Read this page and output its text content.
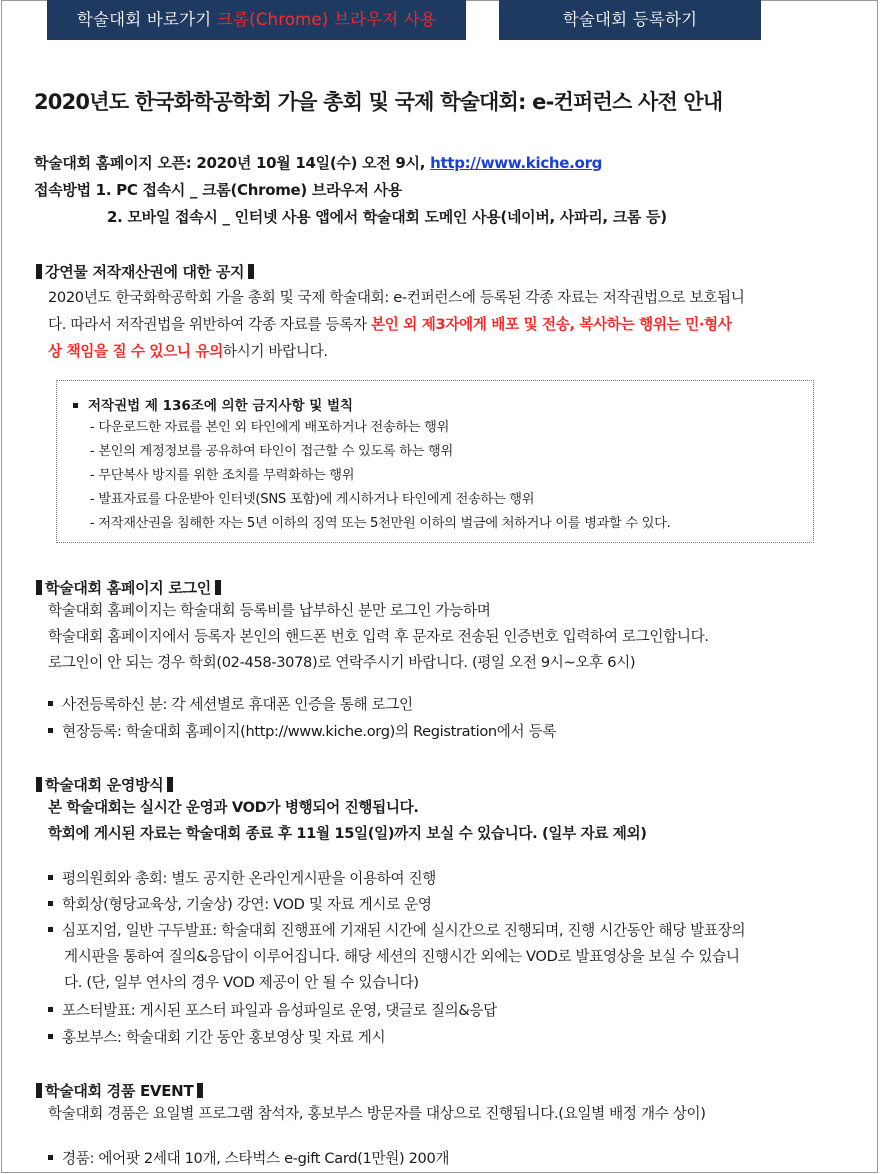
학술대회 바로가기 크롬(Chrome) 브라우저 사용	학술대회 등록하기
2020년도 한국화학공학회 가을 총회 및 국제 학술대회: e-컨퍼런스 사전 안내
학술대회 홈페이지 오픈: 2020년 10월 14일(수) 오전 9시, http://www.kiche.org
접속방법 1. PC 접속시 _ 크롬(Chrome) 브라우저 사용
2. 모바일 접속시 _ 인터넷 사용 앱에서 학술대회 도메인 사용(네이버, 사파리, 크롬 등)
강연물 저작재산권에 대한 공지
2020년도 한국화학공학회 가을 총회 및 국제 학술대회: e-컨퍼런스에 등록된 각종 자료는 저작권법으로 보호됩니
다. 따라서 저작권법을 위반하여 각종 자료를 등록자 본인 외 제3자에게 배포 및 전송, 복사하는 행위는 민·형사
상 책임을 질 수 있으니 유의하시기 바랍니다.
저작권법 제 136조에 의한 금지사항 및 벌칙
- 다운로드한 자료를 본인 외 타인에게 배포하거나 전송하는 행위
- 본인의 계정정보를 공유하여 타인이 접근할 수 있도록 하는 행위
- 무단복사 방지를 위한 조치를 무력화하는 행위
- 발표자료를 다운받아 인터넷(SNS 포함)에 게시하거나 타인에게 전송하는 행위
- 저작재산권을 침해한 자는 5년 이하의 징역 또는 5천만원 이하의 벌금에 처하거나 이를 병과할 수 있다.
학술대회 홈페이지 로그인
학술대회 홈페이지는 학술대회 등록비를 납부하신 분만 로그인 가능하며
학술대회 홈페이지에서 등록자 본인의 핸드폰 번호 입력 후 문자로 전송된 인증번호 입력하여 로그인합니다.
로그인이 안 되는 경우 학회(02-458-3078)로 연락주시기 바랍니다. (평일 오전 9시~오후 6시)
사전등록하신 분: 각 세션별로 휴대폰 인증을 통해 로그인
현장등록: 학술대회 홈페이지(http://www.kiche.org)의 Registration에서 등록
학술대회 운영방식
본 학술대회는 실시간 운영과 VOD가 병행되어 진행됩니다.
학회에 게시된 자료는 학술대회 종료 후 11월 15일(일)까지 보실 수 있습니다. (일부 자료 제외)
평의원회와 총회: 별도 공지한 온라인게시판을 이용하여 진행
학회상(형당교육상, 기술상) 강연: VOD 및 자료 게시로 운영
심포지엄, 일반 구두발표: 학술대회 진행표에 기재된 시간에 실시간으로 진행되며, 진행 시간동안 해당 발표장의
게시판을 통하여 질의&응답이 이루어집니다. 해당 세션의 진행시간 외에는 VOD로 발표영상을 보실 수 있습니
다. (단, 일부 연사의 경우 VOD 제공이 안 될 수 있습니다)
포스터발표: 게시된 포스터 파일과 음성파일로 운영, 댓글로 질의&응답
홍보부스: 학술대회 기간 동안 홍보영상 및 자료 게시
학술대회 경품 EVENT
학술대회 경품은 요일별 프로그램 참석자, 홍보부스 방문자를 대상으로 진행됩니다.(요일별 배정 개수 상이)
경품: 에어팟 2세대 10개, 스타벅스 e-gift Card(1만원) 200개
